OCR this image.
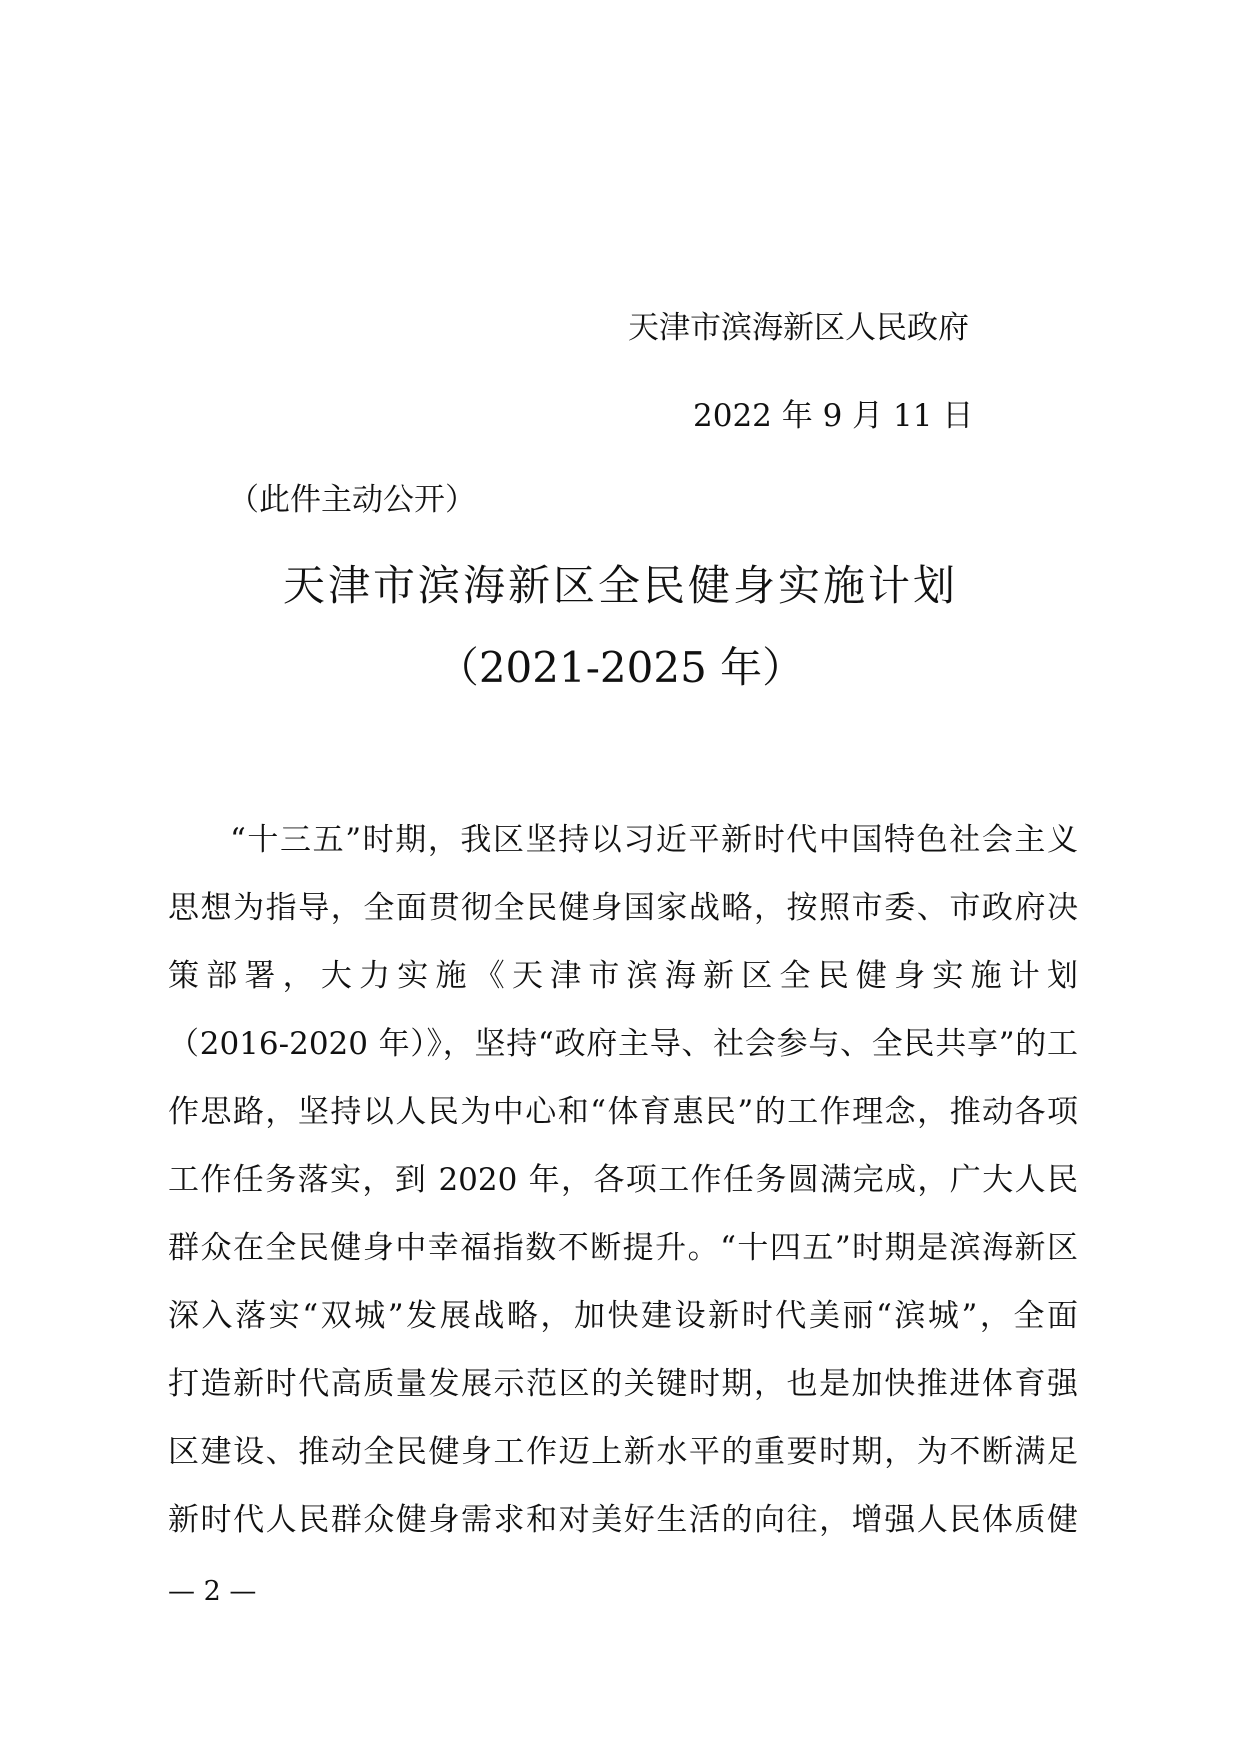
天津市滨海新区人民政府
2022 年 9 月 11 日
（此件主动公开）
天津市滨海新区全民健身实施计划
（2021-2025 年）
“十三五”时期，我区坚持以习近平新时代中国特色社会主义
思想为指导，全面贯彻全民健身国家战略，按照市委、市政府决
策部署，大力实施《天津市滨海新区全民健身实施计划
（2016-2020 年）》，坚持“政府主导、社会参与、全民共享”的工
作思路，坚持以人民为中心和“体育惠民”的工作理念，推动各项
工作任务落实，到 2020 年，各项工作任务圆满完成，广大人民
群众在全民健身中幸福指数不断提升。“十四五”时期是滨海新区
深入落实“双城”发展战略，加快建设新时代美丽“滨城”，全面
打造新时代高质量发展示范区的关键时期，也是加快推进体育强
区建设、推动全民健身工作迈上新水平的重要时期，为不断满足
新时代人民群众健身需求和对美好生活的向往，增强人民体质健
— 2 —
